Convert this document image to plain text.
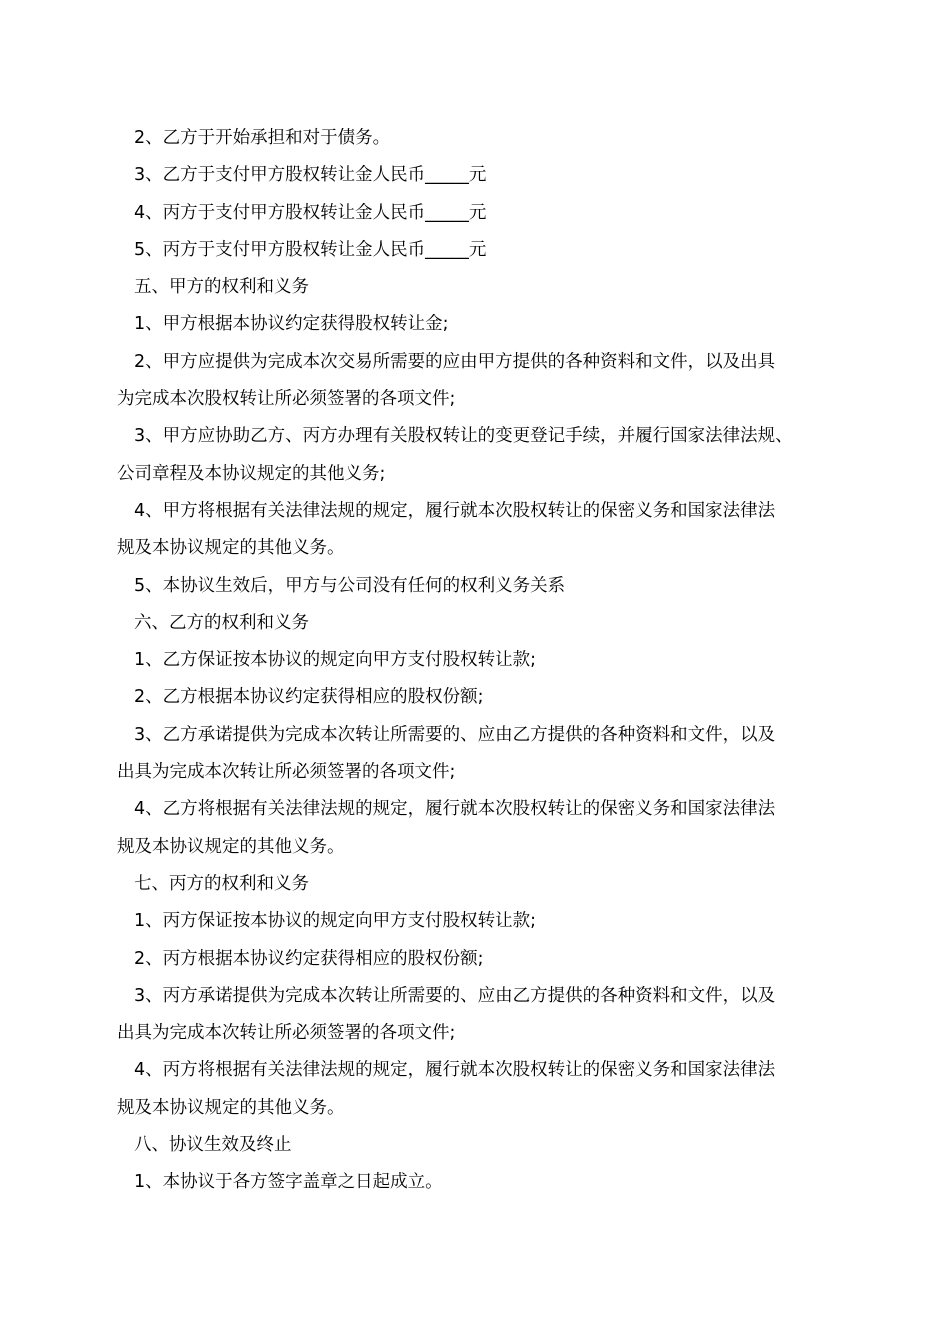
2、乙方于开始承担和对于债务。

3、乙方于支付甲方股权转让金人民币_____元

4、丙方于支付甲方股权转让金人民币_____元

5、丙方于支付甲方股权转让金人民币_____元

五、甲方的权利和义务

1、甲方根据本协议约定获得股权转让金;

2、甲方应提供为完成本次交易所需要的应由甲方提供的各种资料和文件，以及出具

为完成本次股权转让所必须签署的各项文件;

3、甲方应协助乙方、丙方办理有关股权转让的变更登记手续，并履行国家法律法规、

公司章程及本协议规定的其他义务;

4、甲方将根据有关法律法规的规定，履行就本次股权转让的保密义务和国家法律法

规及本协议规定的其他义务。

5、本协议生效后，甲方与公司没有任何的权利义务关系

六、乙方的权利和义务

1、乙方保证按本协议的规定向甲方支付股权转让款;

2、乙方根据本协议约定获得相应的股权份额;

3、乙方承诺提供为完成本次转让所需要的、应由乙方提供的各种资料和文件，以及

出具为完成本次转让所必须签署的各项文件;

4、乙方将根据有关法律法规的规定，履行就本次股权转让的保密义务和国家法律法

规及本协议规定的其他义务。

七、丙方的权利和义务

1、丙方保证按本协议的规定向甲方支付股权转让款;

2、丙方根据本协议约定获得相应的股权份额;

3、丙方承诺提供为完成本次转让所需要的、应由乙方提供的各种资料和文件，以及

出具为完成本次转让所必须签署的各项文件;

4、丙方将根据有关法律法规的规定，履行就本次股权转让的保密义务和国家法律法

规及本协议规定的其他义务。

八、协议生效及终止

1、本协议于各方签字盖章之日起成立。
